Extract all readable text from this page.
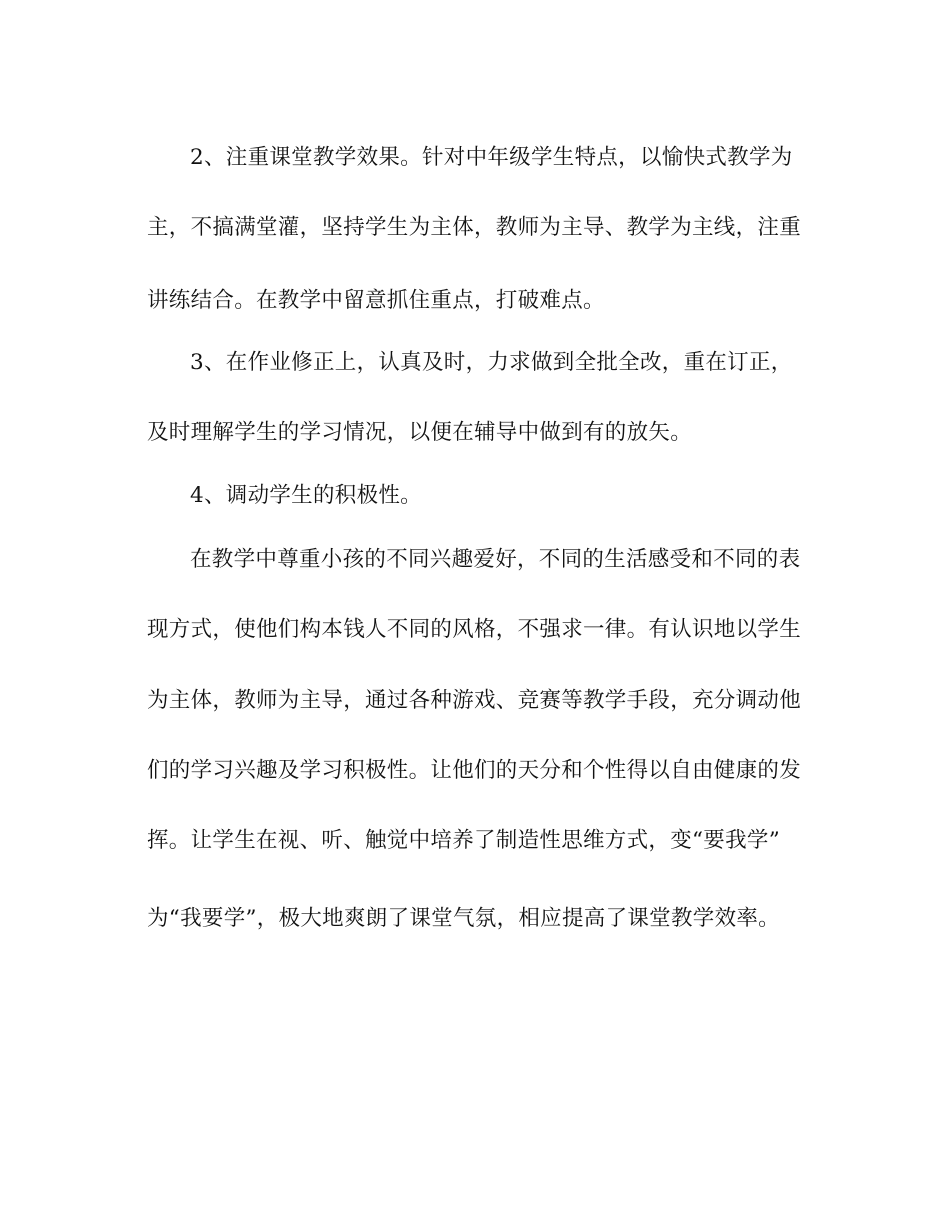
2、注重课堂教学效果。针对中年级学生特点，以愉快式教学为
主，不搞满堂灌，坚持学生为主体，教师为主导、教学为主线，注重
讲练结合。在教学中留意抓住重点，打破难点。
3、在作业修正上，认真及时，力求做到全批全改，重在订正，
及时理解学生的学习情况，以便在辅导中做到有的放矢。
4、调动学生的积极性。
在教学中尊重小孩的不同兴趣爱好，不同的生活感受和不同的表
现方式，使他们构本钱人不同的风格，不强求一律。有认识地以学生
为主体，教师为主导，通过各种游戏、竞赛等教学手段，充分调动他
们的学习兴趣及学习积极性。让他们的天分和个性得以自由健康的发
挥。让学生在视、听、触觉中培养了制造性思维方式，变“要我学”
为“我要学”，极大地爽朗了课堂气氛，相应提高了课堂教学效率。
